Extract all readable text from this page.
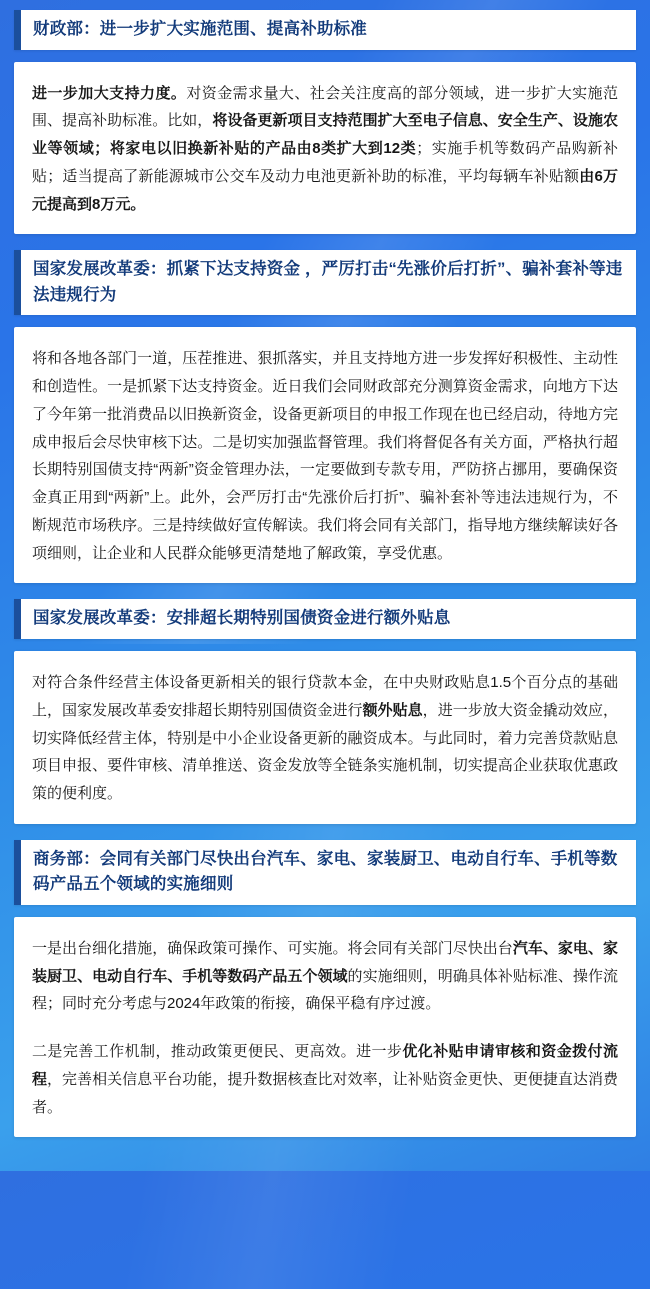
财政部：进一步扩大实施范围、提高补助标准

进一步加大支持力度。对资金需求量大、社会关注度高的部分领域，进一步扩大实施范围、提高补助标准。比如，将设备更新项目支持范围扩大至电子信息、安全生产、设施农业等领域；将家电以旧换新补贴的产品由8类扩大到12类；实施手机等数码产品购新补贴；适当提高了新能源城市公交车及动力电池更新补助的标准，平均每辆车补贴额由6万元提高到8万元。

国家发展改革委：抓紧下达支持资金 ，严厉打击“先涨价后打折”、骗补套补等违法违规行为

将和各地各部门一道，压茬推进、狠抓落实，并且支持地方进一步发挥好积极性、主动性和创造性。一是抓紧下达支持资金。近日我们会同财政部充分测算资金需求，向地方下达了今年第一批消费品以旧换新资金，设备更新项目的申报工作现在也已经启动，待地方完成申报后会尽快审核下达。二是切实加强监督管理。我们将督促各有关方面，严格执行超长期特别国债支持“两新”资金管理办法，一定要做到专款专用，严防挤占挪用，要确保资金真正用到“两新”上。此外，会严厉打击“先涨价后打折”、骗补套补等违法违规行为，不断规范市场秩序。三是持续做好宣传解读。我们将会同有关部门，指导地方继续解读好各项细则，让企业和人民群众能够更清楚地了解政策，享受优惠。

国家发展改革委：安排超长期特别国债资金进行额外贴息

对符合条件经营主体设备更新相关的银行贷款本金，在中央财政贴息1.5个百分点的基础上，国家发展改革委安排超长期特别国债资金进行额外贴息，进一步放大资金撬动效应，切实降低经营主体，特别是中小企业设备更新的融资成本。与此同时，着力完善贷款贴息项目申报、要件审核、清单推送、资金发放等全链条实施机制，切实提高企业获取优惠政策的便利度。

商务部：会同有关部门尽快出台汽车、家电、家装厨卫、电动自行车、手机等数码产品五个领域的实施细则

一是出台细化措施，确保政策可操作、可实施。将会同有关部门尽快出台汽车、家电、家装厨卫、电动自行车、手机等数码产品五个领域的实施细则，明确具体补贴标准、操作流程；同时充分考虑与2024年政策的衔接，确保平稳有序过渡。

二是完善工作机制，推动政策更便民、更高效。进一步优化补贴申请审核和资金拨付流程，完善相关信息平台功能，提升数据核查比对效率，让补贴资金更快、更便捷直达消费者。
